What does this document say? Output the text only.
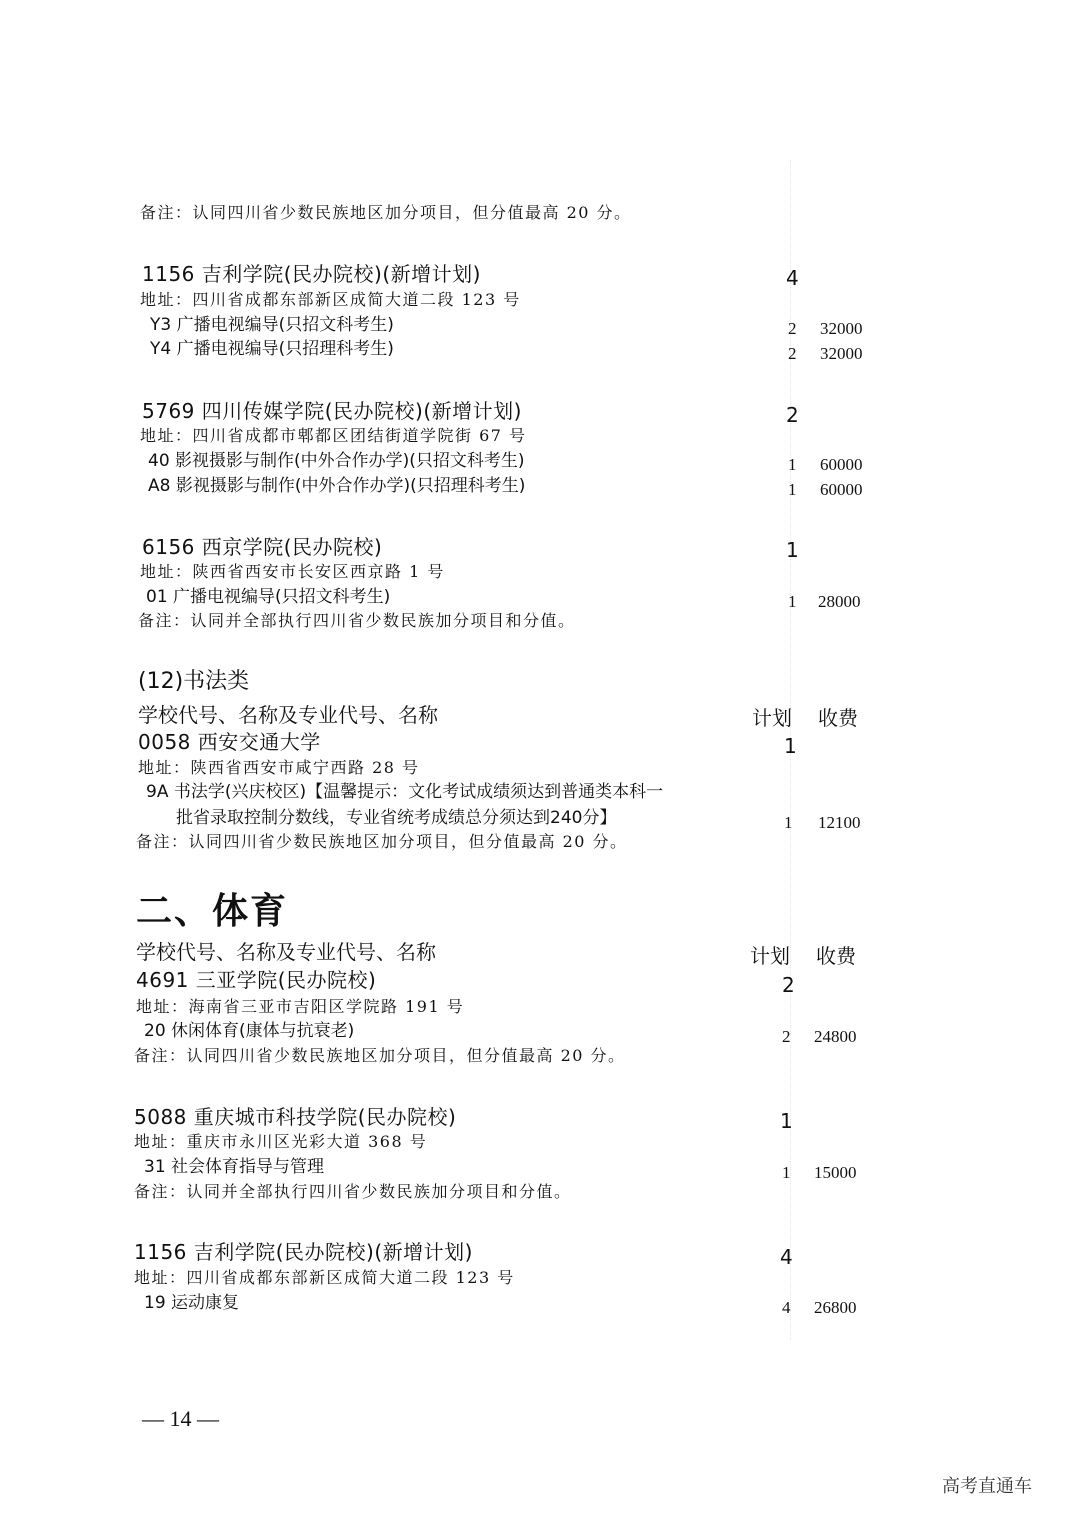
备注：认同四川省少数民族地区加分项目，但分值最高 20 分。
1156 吉利学院(民办院校)(新增计划)	4
地址：四川省成都东部新区成简大道二段 123 号
Y3 广播电视编导(只招文科考生)	2 32000
Y4 广播电视编导(只招理科考生)	2 32000
5769 四川传媒学院(民办院校)(新增计划)	2
地址：四川省成都市郫都区团结街道学院街 67 号
40 影视摄影与制作(中外合作办学)(只招文科考生)	1 60000
A8 影视摄影与制作(中外合作办学)(只招理科考生)	1 60000
6156 西京学院(民办院校)	1
地址：陕西省西安市长安区西京路 1 号
01 广播电视编导(只招文科考生)	1 28000
备注：认同并全部执行四川省少数民族加分项目和分值。
(12)书法类
学校代号、名称及专业代号、名称	计划 收费
0058 西安交通大学	1
地址：陕西省西安市咸宁西路 28 号
9A 书法学(兴庆校区)【温馨提示：文化考试成绩须达到普通类本科一
批省录取控制分数线，专业省统考成绩总分须达到240分】	1 12100
备注：认同四川省少数民族地区加分项目，但分值最高 20 分。
二、体育
学校代号、名称及专业代号、名称	计划 收费
4691 三亚学院(民办院校)	2
地址：海南省三亚市吉阳区学院路 191 号
20 休闲体育(康体与抗衰老)	2 24800
备注：认同四川省少数民族地区加分项目，但分值最高 20 分。
5088 重庆城市科技学院(民办院校)	1
地址：重庆市永川区光彩大道 368 号
31 社会体育指导与管理	1 15000
备注：认同并全部执行四川省少数民族加分项目和分值。
1156 吉利学院(民办院校)(新增计划)	4
地址：四川省成都东部新区成简大道二段 123 号
19 运动康复	4 26800
— 14 —
高考直通车
